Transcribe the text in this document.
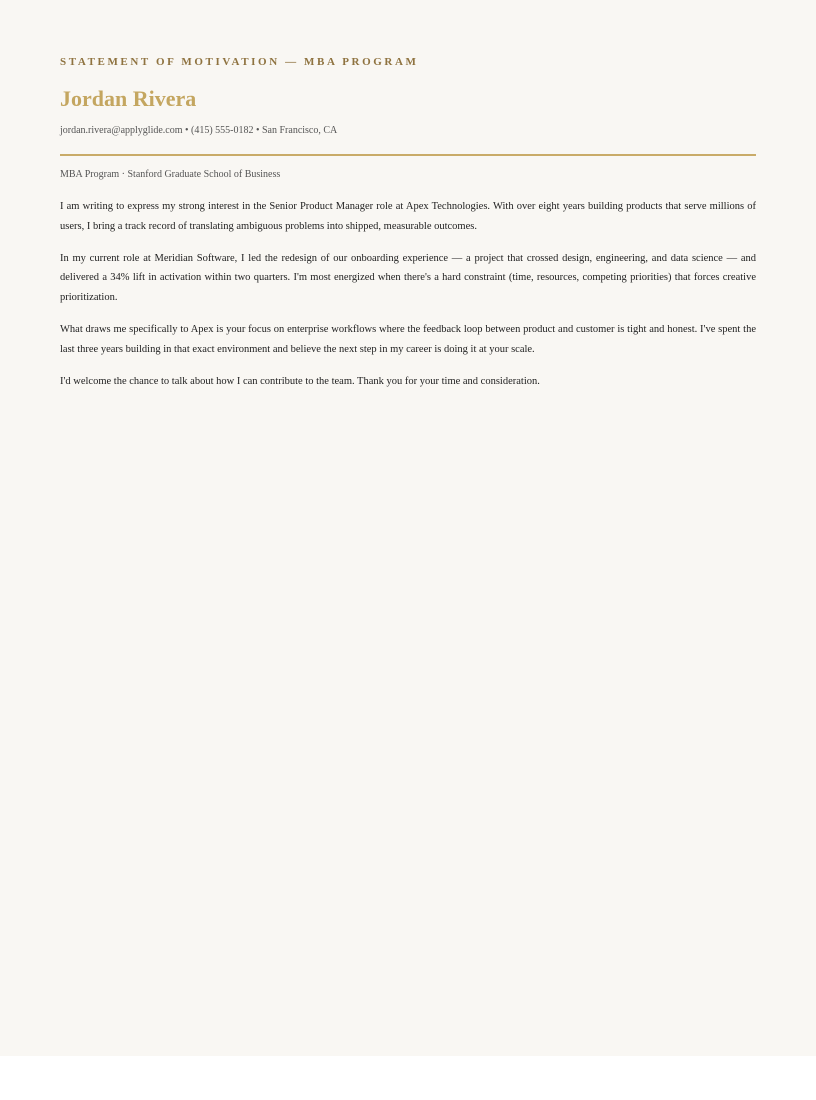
STATEMENT OF MOTIVATION — MBA PROGRAM
Jordan Rivera
jordan.rivera@applyglide.com • (415) 555-0182 • San Francisco, CA
MBA Program · Stanford Graduate School of Business

I am writing to express my strong interest in the Senior Product Manager role at Apex Technologies. With over eight years building products that serve millions of users, I bring a track record of translating ambiguous problems into shipped, measurable outcomes.

In my current role at Meridian Software, I led the redesign of our onboarding experience — a project that crossed design, engineering, and data science — and delivered a 34% lift in activation within two quarters. I'm most energized when there's a hard constraint (time, resources, competing priorities) that forces creative prioritization.

What draws me specifically to Apex is your focus on enterprise workflows where the feedback loop between product and customer is tight and honest. I've spent the last three years building in that exact environment and believe the next step in my career is doing it at your scale.

I'd welcome the chance to talk about how I can contribute to the team. Thank you for your time and consideration.
